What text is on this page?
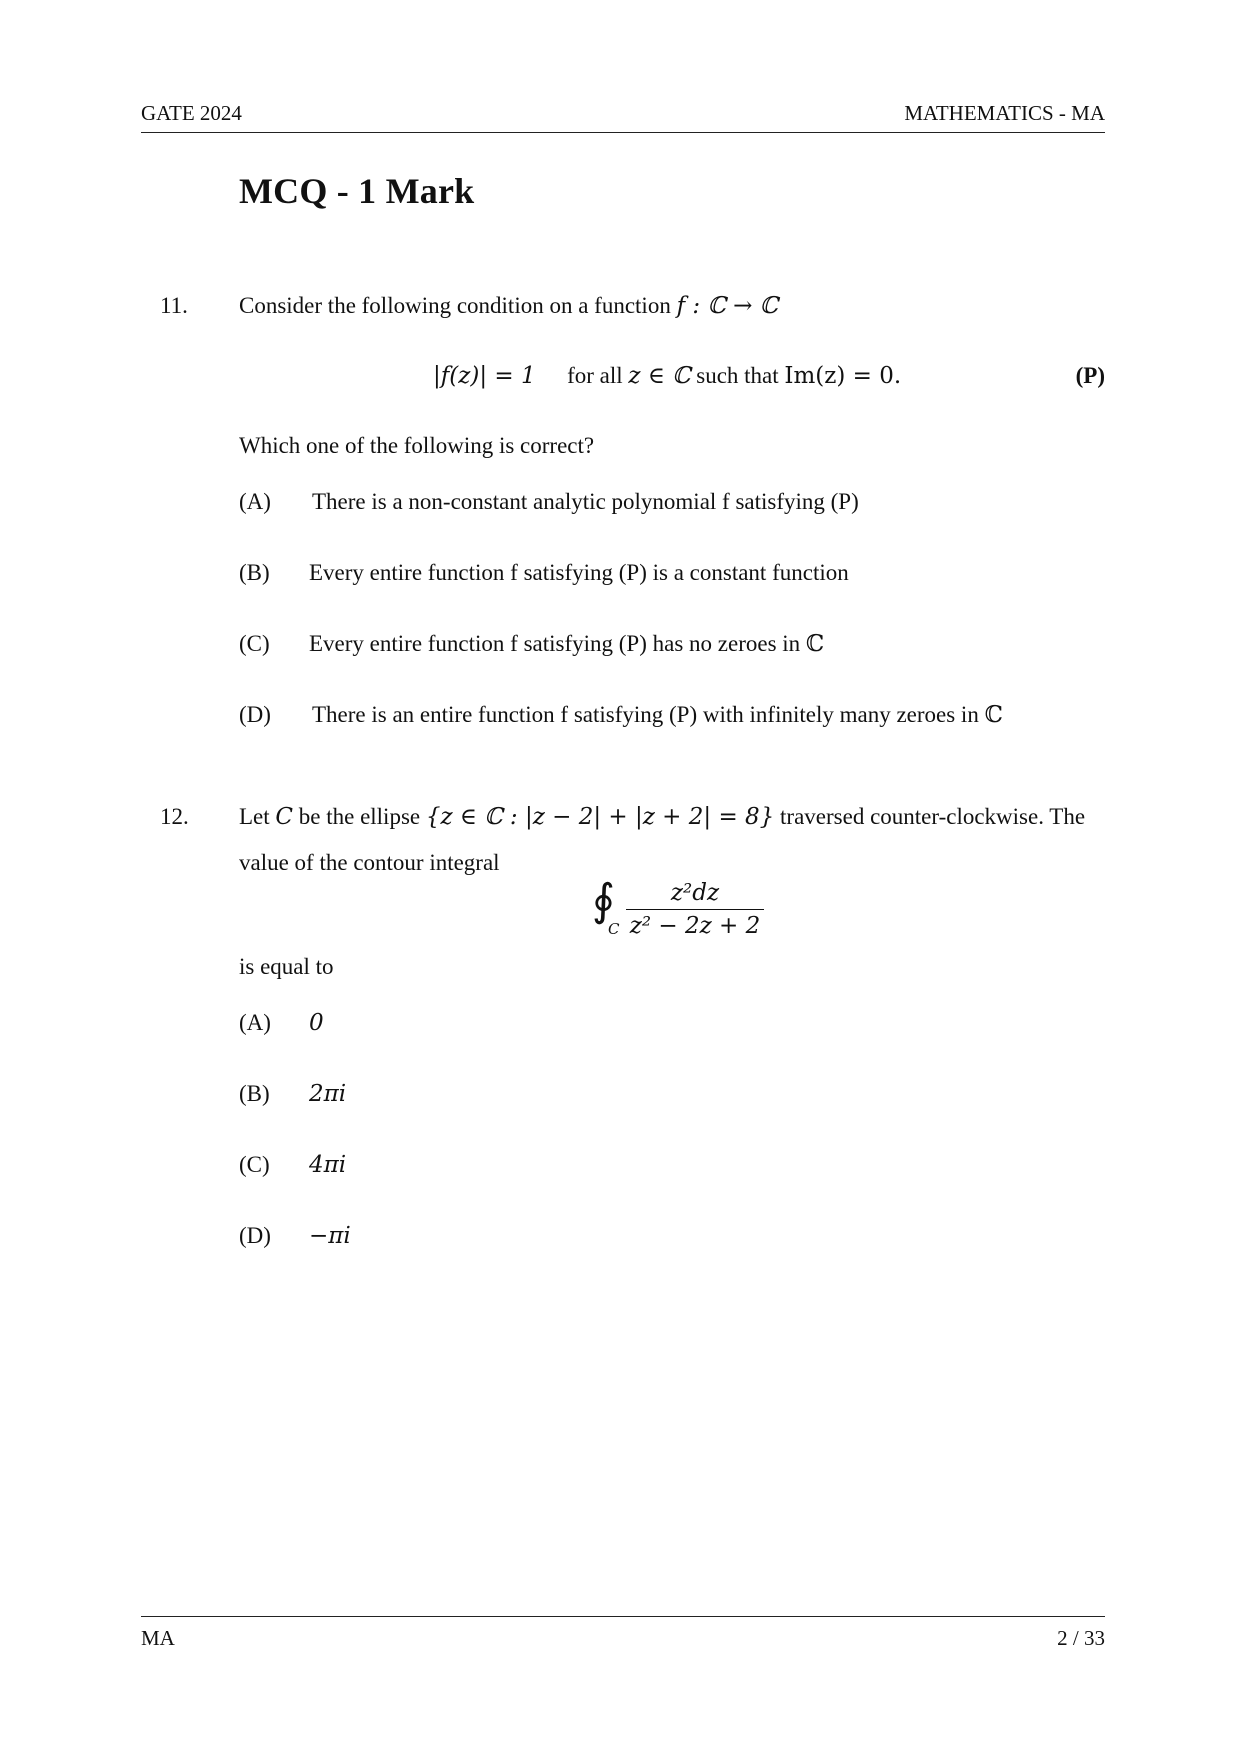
GATE 2024	MATHEMATICS - MA
MCQ - 1 Mark
11. Consider the following condition on a function f : ℂ → ℂ
|f(z)| = 1 for all z ∈ ℂ such that Im(z) = 0.	(P)
Which one of the following is correct?
(A) There is a non-constant analytic polynomial f satisfying (P)
(B) Every entire function f satisfying (P) is a constant function
(C) Every entire function f satisfying (P) has no zeroes in ℂ
(D) There is an entire function f satisfying (P) with infinitely many zeroes in ℂ
12. Let C be the ellipse {z ∈ ℂ : |z − 2| + |z + 2| = 8} traversed counter-clockwise. The
value of the contour integral
∮
C
$\frac{\text{z²dz}}{\text{z² − 2z + 2}}$
is equal to
(A) 0
(B) 2πi
(C) 4πi
(D) −πi
MA	2 / 33
